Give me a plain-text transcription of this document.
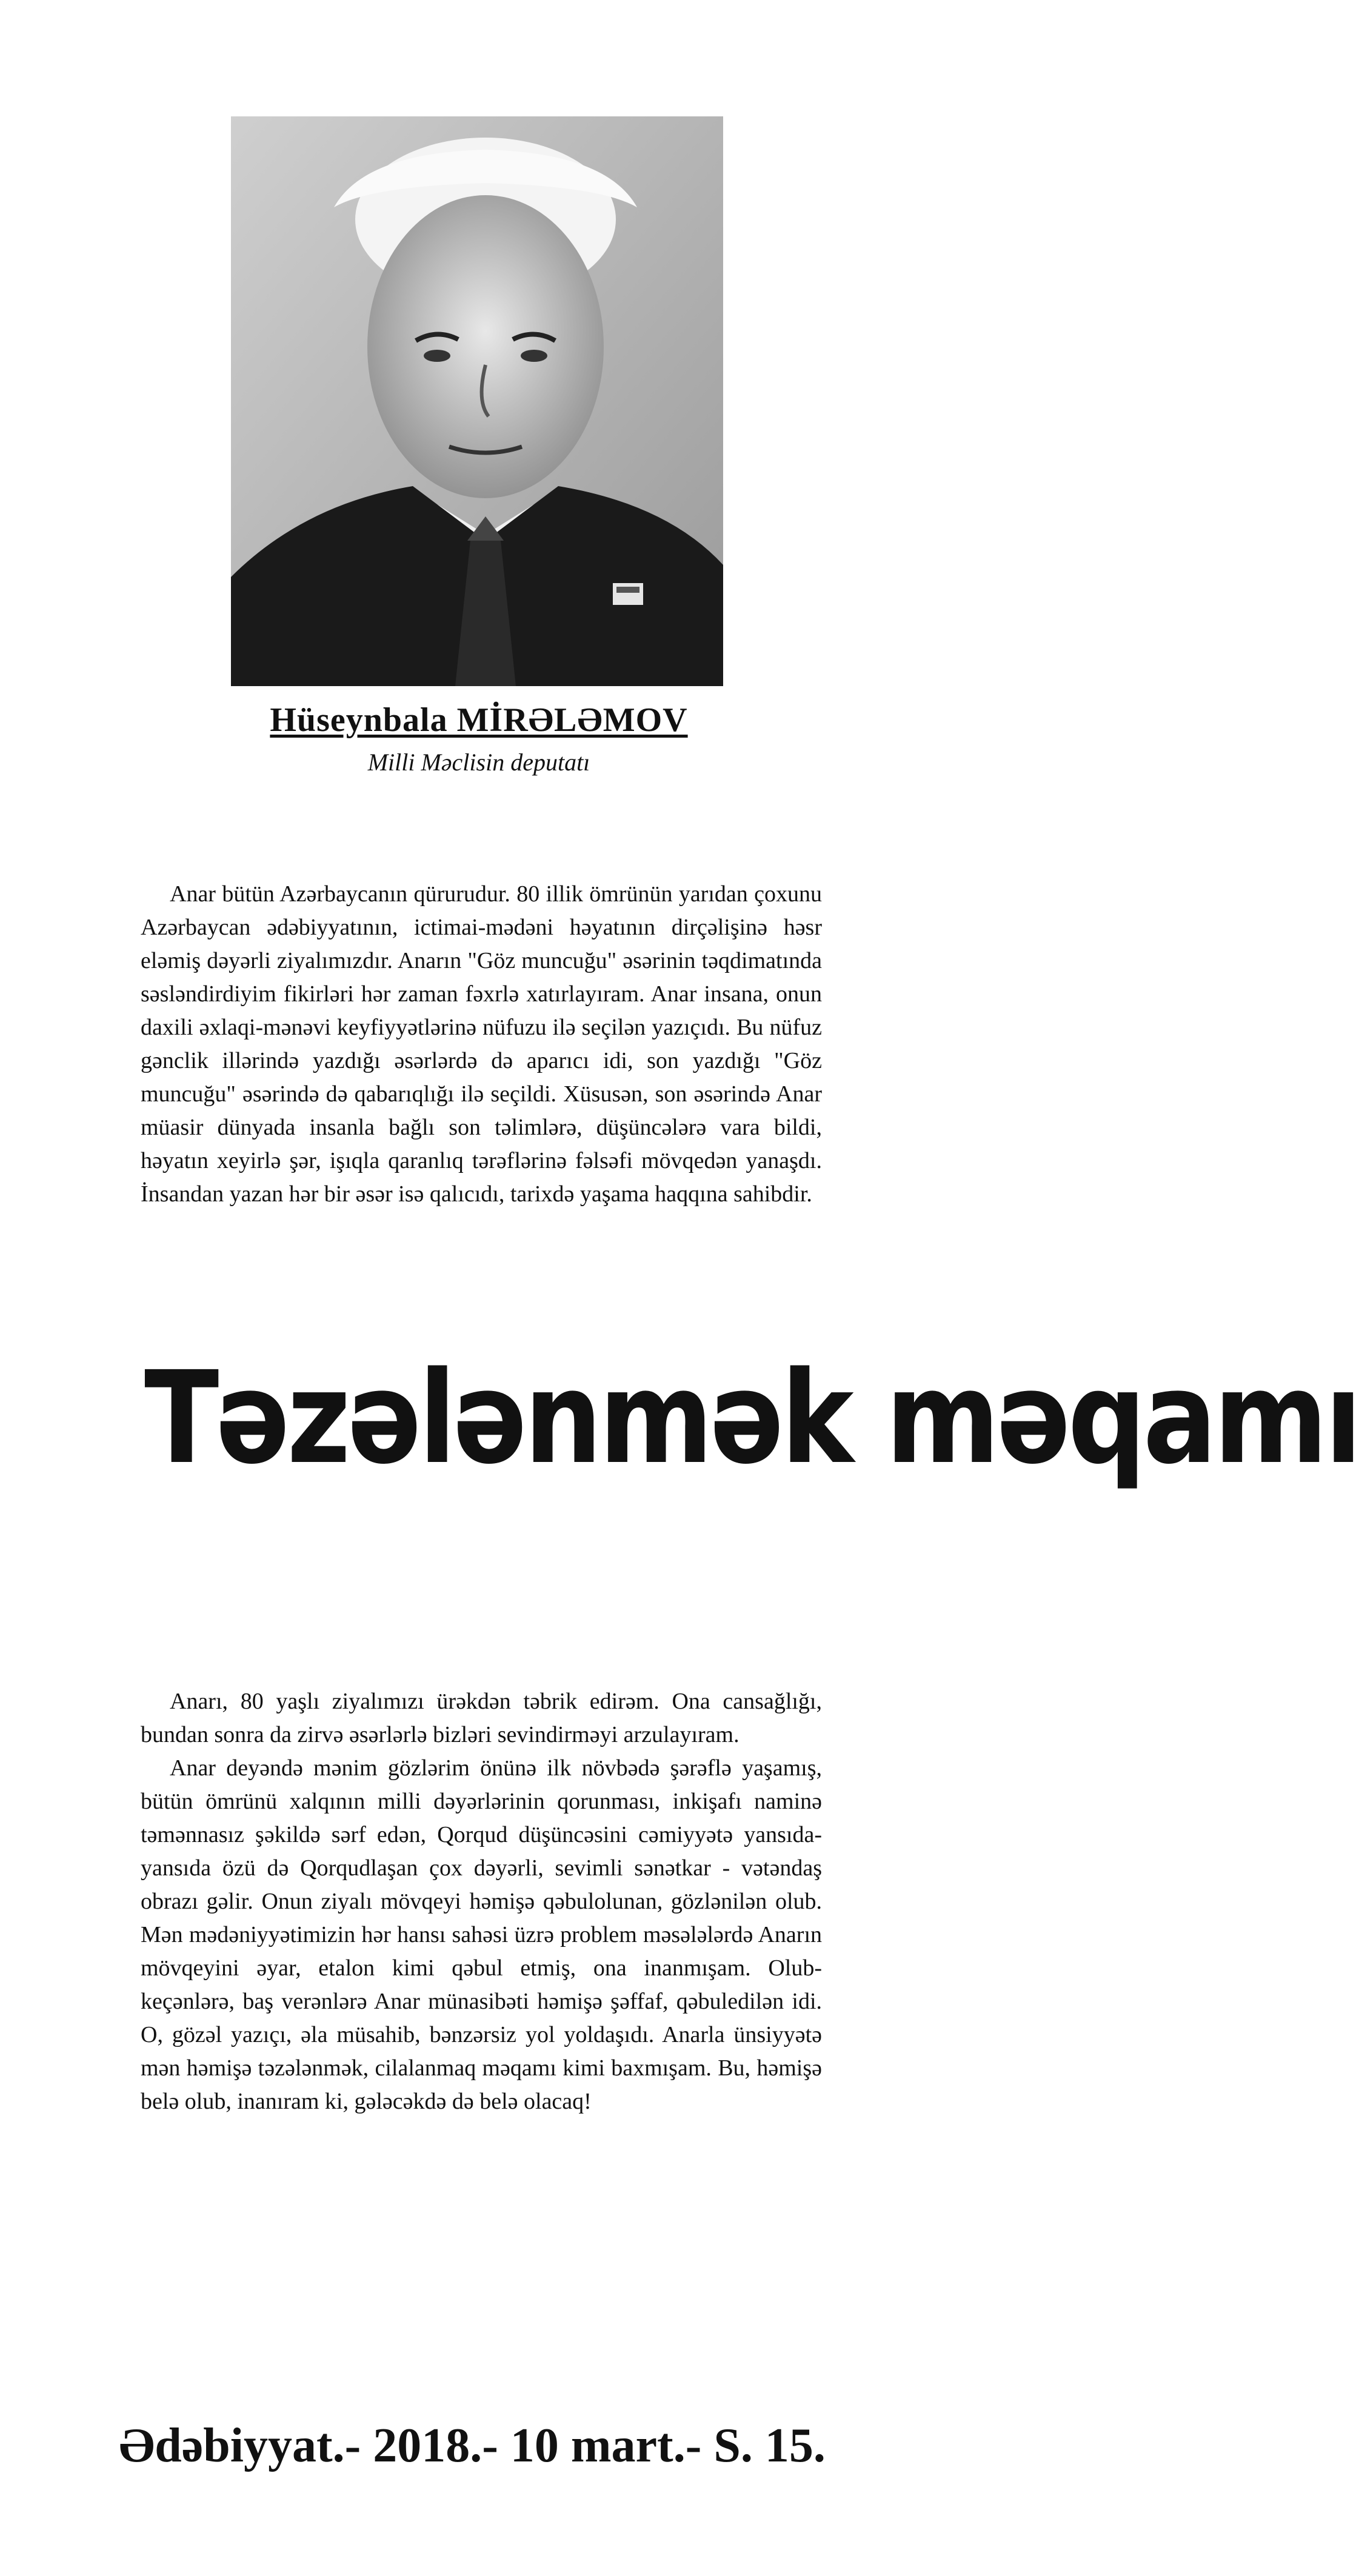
Hüseynbala MİRƏLƏMOV
Milli Məclisin deputatı

Anar bütün Azərbaycanın qürurudur. 80 illik ömrünün yarıdan çoxunu Azərbaycan ədəbiyyatının, ictimai-mədəni həyatının dirçəlişinə həsr eləmiş dəyərli ziyalımızdır. Anarın "Göz muncuğu" əsərinin təqdimatında səsləndirdiyim fikirləri hər zaman fəxrlə xatırlayıram. Anar insana, onun daxili əxlaqi-mənəvi keyfiyyətlərinə nüfuzu ilə seçilən yazıçıdı. Bu nüfuz gənclik illərində yazdığı əsərlərdə də aparıcı idi, son yazdığı "Göz muncuğu" əsərində də qabarıqlığı ilə seçildi. Xüsusən, son əsərində Anar müasir dünyada insanla bağlı son təlimlərə, düşüncələrə vara bildi, həyatın xeyirlə şər, işıqla qaranlıq tərəflərinə fəlsəfi mövqedən yanaşdı. İnsandan yazan hər bir əsər isə qalıcıdı, tarixdə yaşama haqqına sahibdir.

Təzələnmək məqamı

Anarı, 80 yaşlı ziyalımızı ürəkdən təbrik edirəm. Ona cansağlığı, bundan sonra da zirvə əsərlərlə bizləri sevindirməyi arzulayıram.

Anar deyəndə mənim gözlərim önünə ilk növbədə şərəflə yaşamış, bütün ömrünü xalqının milli dəyərlərinin qorunması, inkişafı naminə təmənnasız şəkildə sərf edən, Qorqud düşüncəsini cəmiyyətə yansıda-yansıda özü də Qorqudlaşan çox dəyərli, sevimli sənətkar - vətəndaş obrazı gəlir. Onun ziyalı mövqeyi həmişə qəbulolunan, gözlənilən olub. Mən mədəniyyətimizin hər hansı sahəsi üzrə problem məsələlərdə Anarın mövqeyini əyar, etalon kimi qəbul etmiş, ona inanmışam. Olub-keçənlərə, baş verənlərə Anar münasibəti həmişə şəffaf, qəbuledilən idi. O, gözəl yazıçı, əla müsahib, bənzərsiz yol yoldaşıdı. Anarla ünsiyyətə mən həmişə təzələnmək, cilalanmaq məqamı kimi baxmışam. Bu, həmişə belə olub, inanıram ki, gələcəkdə də belə olacaq!

Ədəbiyyat.- 2018.- 10 mart.- S. 15.
